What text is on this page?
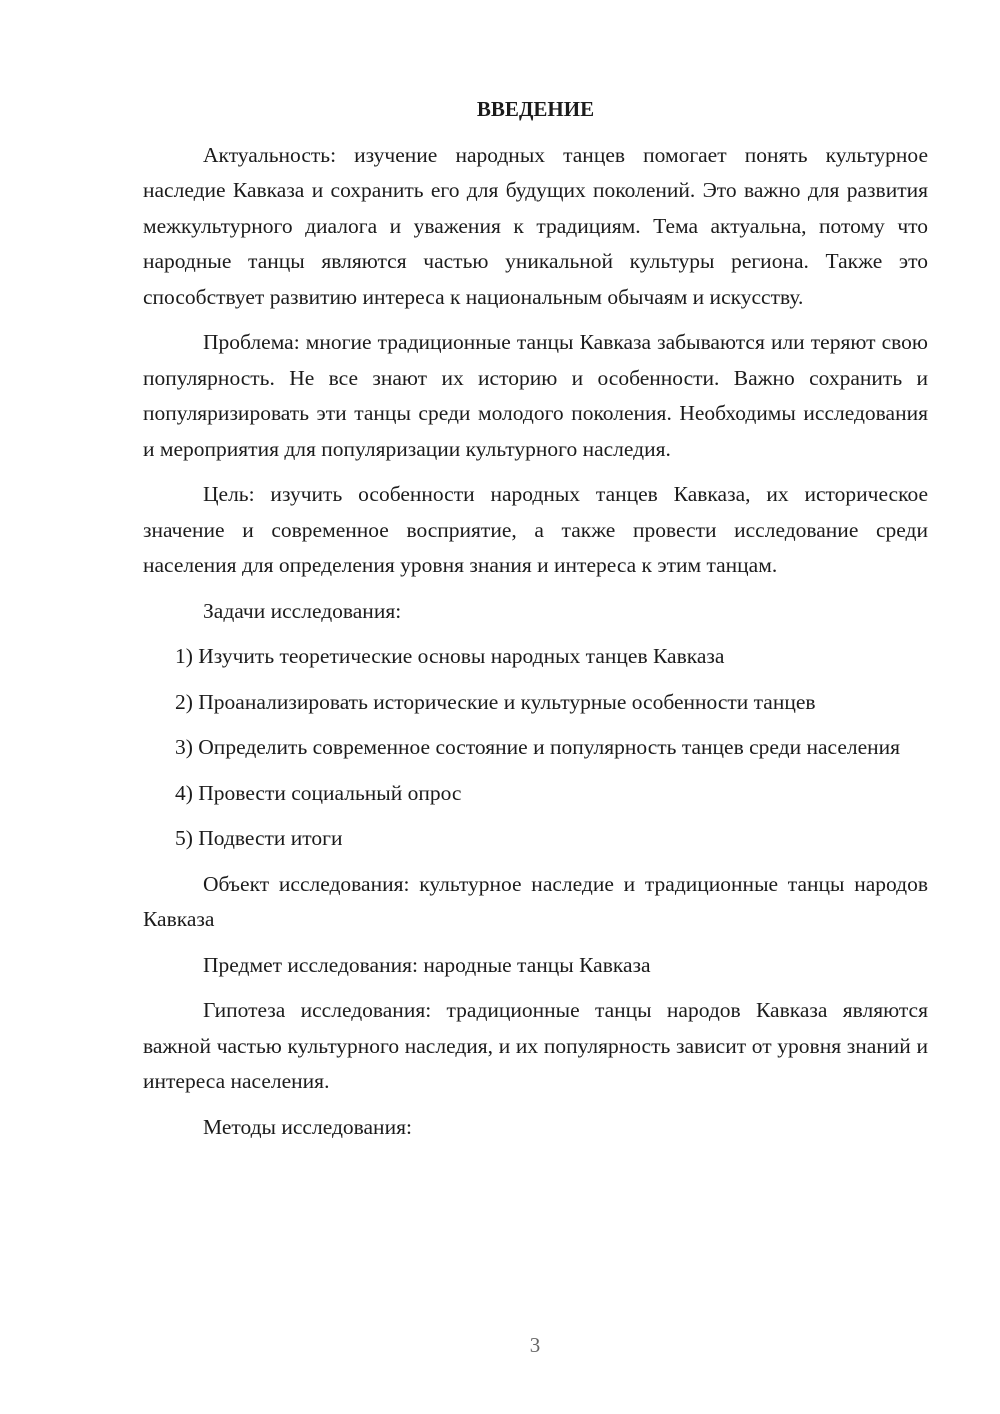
ВВЕДЕНИЕ

Актуальность: изучение народных танцев помогает понять культурное наследие Кавказа и сохранить его для будущих поколений. Это важно для развития межкультурного диалога и уважения к традициям. Тема актуальна, потому что народные танцы являются частью уникальной культуры региона. Также это способствует развитию интереса к национальным обычаям и искусству.

Проблема: многие традиционные танцы Кавказа забываются или теряют свою популярность. Не все знают их историю и особенности. Важно сохранить и популяризировать эти танцы среди молодого поколения. Необходимы исследования и мероприятия для популяризации культурного наследия.

Цель: изучить особенности народных танцев Кавказа, их историческое значение и современное восприятие, а также провести исследование среди населения для определения уровня знания и интереса к этим танцам.

Задачи исследования:

1) Изучить теоретические основы народных танцев Кавказа

2) Проанализировать исторические и культурные особенности танцев

3) Определить современное состояние и популярность танцев среди населения

4) Провести социальный опрос

5) Подвести итоги

Объект исследования: культурное наследие и традиционные танцы народов Кавказа

Предмет исследования: народные танцы Кавказа

Гипотеза исследования: традиционные танцы народов Кавказа являются важной частью культурного наследия, и их популярность зависит от уровня знаний и интереса населения.

Методы исследования:

3
